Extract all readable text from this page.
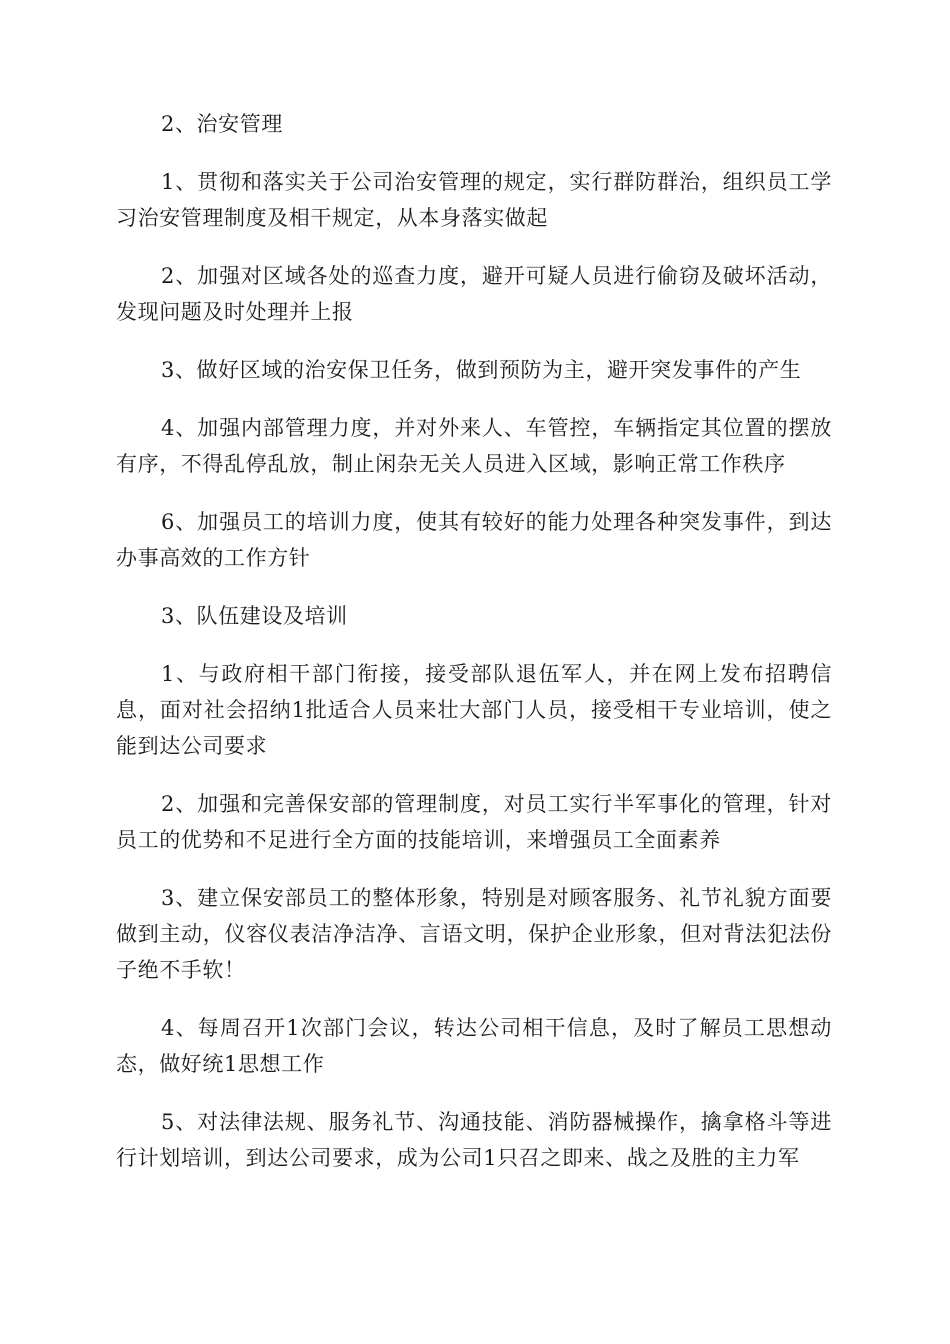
2、治安管理

1、贯彻和落实关于公司治安管理的规定，实行群防群治，组织员工学习治安管理制度及相干规定，从本身落实做起

2、加强对区域各处的巡查力度，避开可疑人员进行偷窃及破坏活动，发现问题及时处理并上报

3、做好区域的治安保卫任务，做到预防为主，避开突发事件的产生

4、加强内部管理力度，并对外来人、车管控，车辆指定其位置的摆放有序，不得乱停乱放，制止闲杂无关人员进入区域，影响正常工作秩序

6、加强员工的培训力度，使其有较好的能力处理各种突发事件，到达办事高效的工作方针

3、队伍建设及培训

1、与政府相干部门衔接，接受部队退伍军人，并在网上发布招聘信息，面对社会招纳1批适合人员来壮大部门人员，接受相干专业培训，使之能到达公司要求

2、加强和完善保安部的管理制度，对员工实行半军事化的管理，针对员工的优势和不足进行全方面的技能培训，来增强员工全面素养

3、建立保安部员工的整体形象，特别是对顾客服务、礼节礼貌方面要做到主动，仪容仪表洁净洁净、言语文明，保护企业形象，但对背法犯法份子绝不手软！

4、每周召开1次部门会议，转达公司相干信息，及时了解员工思想动态，做好统1思想工作

5、对法律法规、服务礼节、沟通技能、消防器械操作，擒拿格斗等进行计划培训，到达公司要求，成为公司1只召之即来、战之及胜的主力军
